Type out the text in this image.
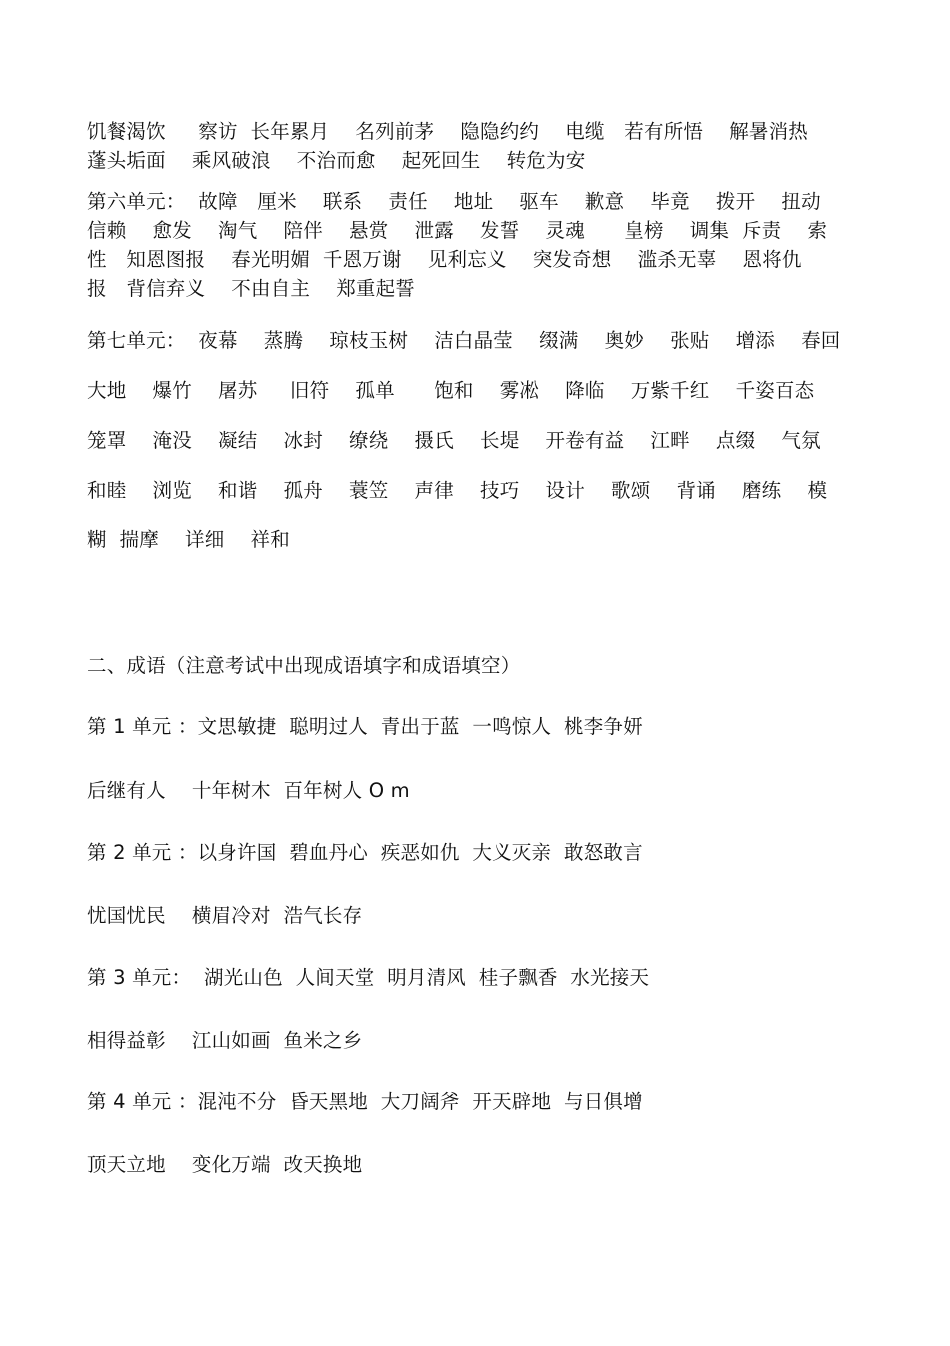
饥餐渴饮　  察访  长年累月　 名列前茅　 隐隐约约　 电缆　若有所悟　 解暑消热
蓬头垢面　 乘风破浪　 不治而愈　 起死回生　 转危为安
第六单元：  故障　厘米　 联系　 责任　 地址　 驱车　 歉意　 毕竟　 拨开　 扭动
信赖　 愈发　 淘气　 陪伴　 悬赏　 泄露　 发誓　 灵魂　　皇榜　 调集  斥责　 索
性　知恩图报　 春光明媚  千恩万谢　 见利忘义　 突发奇想　 滥杀无辜　 恩将仇
报　背信弃义　 不由自主　 郑重起誓
第七单元：  夜幕　 蒸腾　 琼枝玉树　 洁白晶莹　 缀满　 奥妙　 张贴　 增添　 春回
大地　 爆竹　 屠苏　  旧符　 孤单　　饱和　 雾凇　 降临　 万紫千红　 千姿百态
笼罩　 淹没　 凝结　 冰封　 缭绕　 摄氏　 长堤　 开卷有益　 江畔　 点缀　 气氛
和睦　 浏览　 和谐　 孤舟　 蓑笠　 声律　 技巧　 设计　 歌颂　 背诵　 磨练　 模
糊  揣摩　 详细　 祥和
二、成语（注意考试中出现成语填字和成语填空）
第 1 单元 ：文思敏捷  聪明过人  青出于蓝  一鸣惊人  桃李争妍
后继有人　 十年树木  百年树人 O m
第 2 单元 ：以身许国  碧血丹心  疾恶如仇  大义灭亲  敢怒敢言
忧国忧民　 横眉冷对  浩气长存
第 3 单元：  湖光山色  人间天堂  明月清风  桂子飘香  水光接天
相得益彰　 江山如画  鱼米之乡
第 4 单元 ：混沌不分  昏天黑地  大刀阔斧  开天辟地  与日俱增
顶天立地　 变化万端  改天换地
